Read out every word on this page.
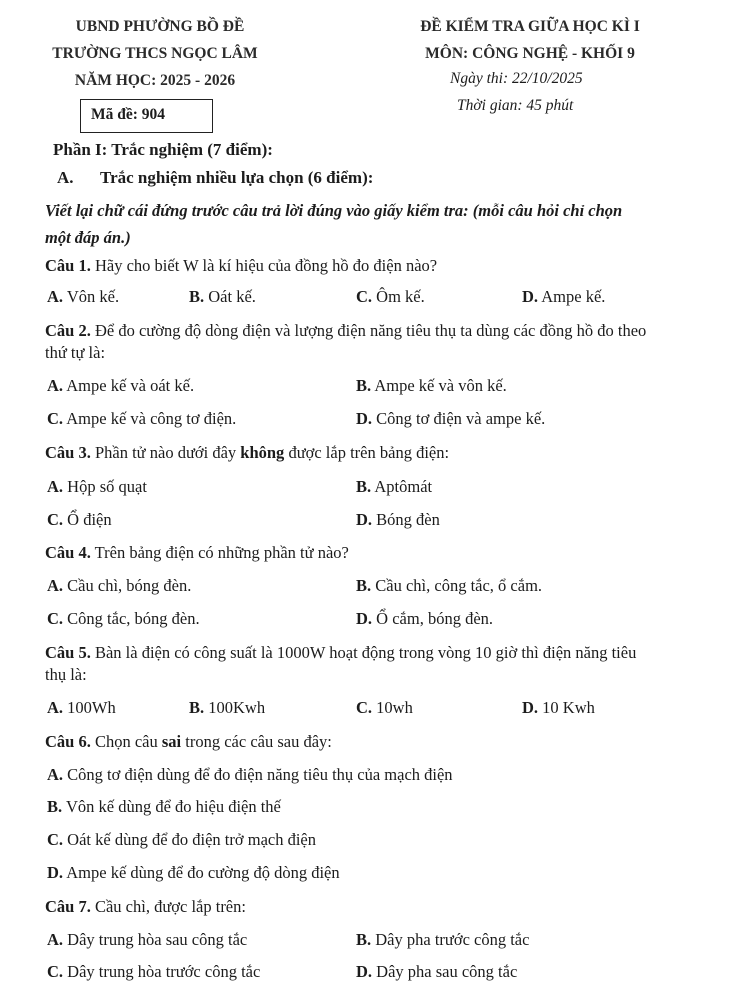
UBND PHƯỜNG BỒ ĐỀ
TRƯỜNG THCS NGỌC LÂM
NĂM HỌC: 2025 - 2026
ĐỀ KIỂM TRA GIỮA HỌC KÌ I
MÔN: CÔNG NGHỆ - KHỐI 9
Ngày thi: 22/10/2025
Thời gian: 45 phút
Mã đề: 904
Phần I: Trắc nghiệm (7 điểm):
A. Trắc nghiệm nhiều lựa chọn (6 điểm):
Viết lại chữ cái đứng trước câu trả lời đúng vào giấy kiểm tra: (mỗi câu hỏi chỉ chọn
một đáp án.)
Câu 1. Hãy cho biết W là kí hiệu của đồng hồ đo điện nào?
A. Vôn kế.	B. Oát kế.	C. Ôm kế.	D. Ampe kế.
Câu 2. Để đo cường độ dòng điện và lượng điện năng tiêu thụ ta dùng các đồng hồ đo theo
thứ tự là:
A. Ampe kế và oát kế.	B. Ampe kế và vôn kế.
C. Ampe kế và công tơ điện.	D. Công tơ điện và ampe kế.
Câu 3. Phần tử nào dưới đây không được lắp trên bảng điện:
A. Hộp số quạt	B. Aptômát
C. Ổ điện	D. Bóng đèn
Câu 4. Trên bảng điện có những phần tử nào?
A. Cầu chì, bóng đèn.	B. Cầu chì, công tắc, ổ cắm.
C. Công tắc, bóng đèn.	D. Ổ cắm, bóng đèn.
Câu 5. Bàn là điện có công suất là 1000W hoạt động trong vòng 10 giờ thì điện năng tiêu
thụ là:
A. 100Wh	B. 100Kwh	C. 10wh	D. 10 Kwh
Câu 6. Chọn câu sai trong các câu sau đây:
A. Công tơ điện dùng để đo điện năng tiêu thụ của mạch điện
B. Vôn kế dùng để đo hiệu điện thế
C. Oát kế dùng để đo điện trở mạch điện
D. Ampe kế dùng để đo cường độ dòng điện
Câu 7. Cầu chì, được lắp trên:
A. Dây trung hòa sau công tắc	B. Dây pha trước công tắc
C. Dây trung hòa trước công tắc	D. Dây pha sau công tắc
